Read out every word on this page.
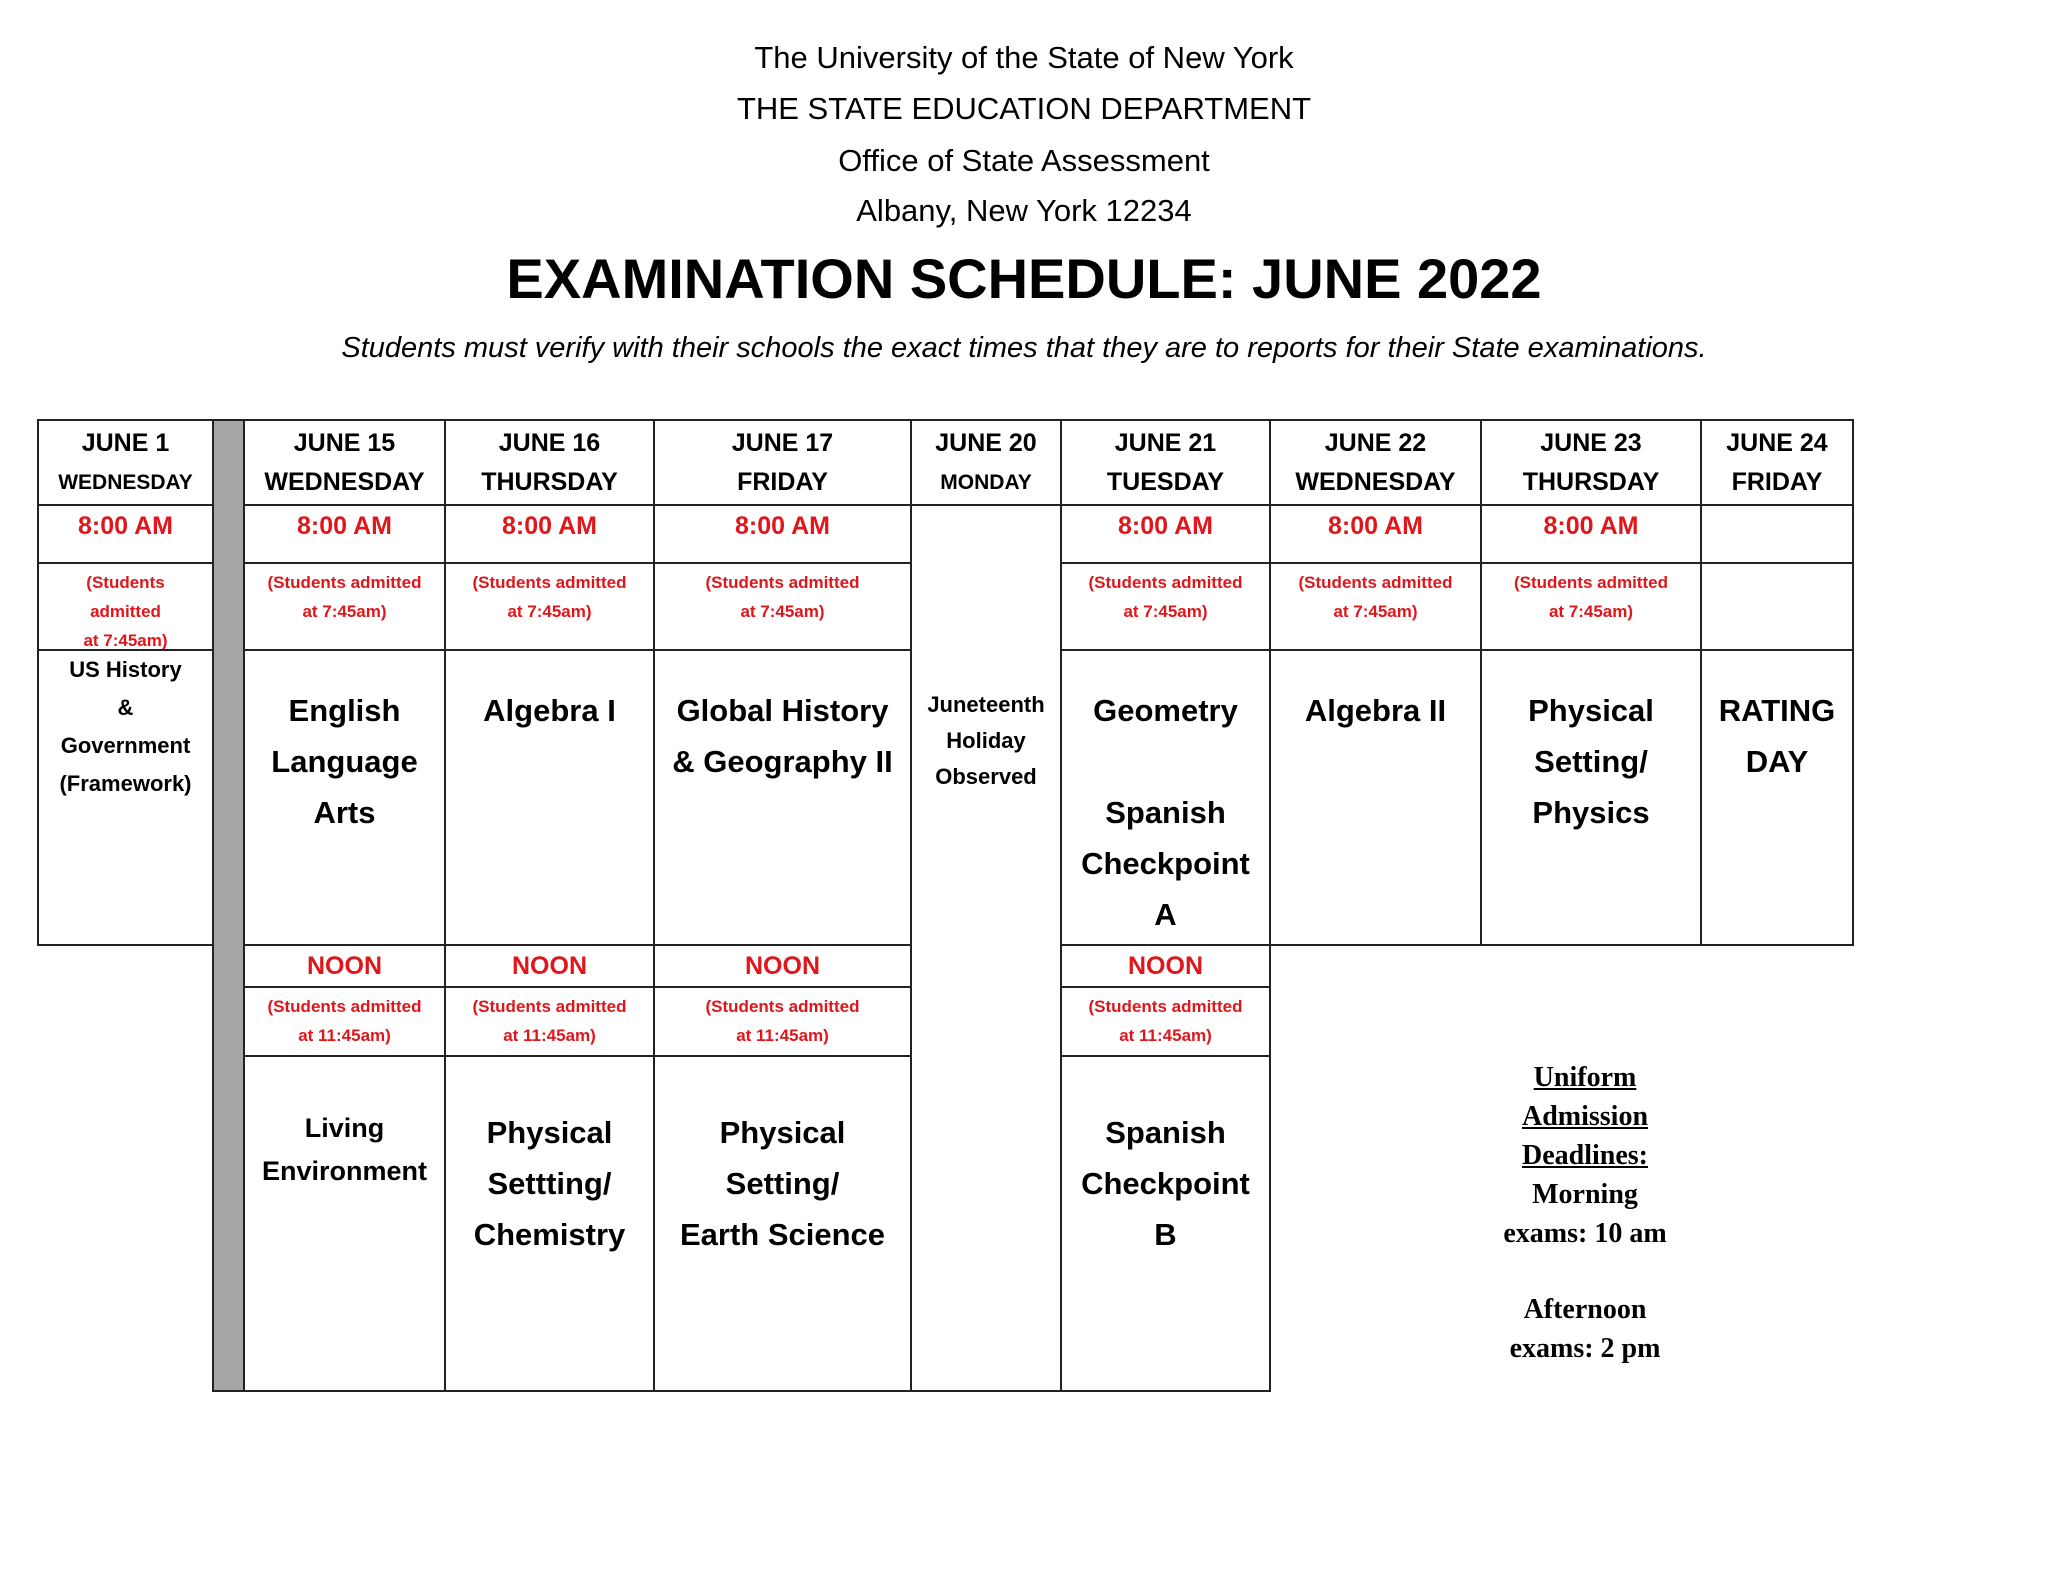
The University of the State of New York
THE STATE EDUCATION DEPARTMENT
Office of State Assessment
Albany, New York 12234
EXAMINATION SCHEDULE: JUNE 2022
Students must verify with their schools the exact times that they are to reports for their State examinations.
JUNE 1
WEDNESDAY
8:00 AM
(Students
admitted
at 7:45am)
US History
&
Government
(Framework)
JUNE 15
WEDNESDAY
8:00 AM
(Students admitted
at 7:45am)
English
Language
Arts
NOON
(Students admitted
at 11:45am)
Living
Environment
JUNE 16
THURSDAY
8:00 AM
(Students admitted
at 7:45am)
Algebra I
NOON
(Students admitted
at 11:45am)
Physical
Settting/
Chemistry
JUNE 17
FRIDAY
8:00 AM
(Students admitted
at 7:45am)
Global History
& Geography II
NOON
(Students admitted
at 11:45am)
Physical
Setting/
Earth Science
JUNE 20
MONDAY
Juneteenth
Holiday
Observed
JUNE 21
TUESDAY
8:00 AM
(Students admitted
at 7:45am)
Geometry

Spanish
Checkpoint
A
NOON
(Students admitted
at 11:45am)
Spanish
Checkpoint
B
JUNE 22
WEDNESDAY
8:00 AM
(Students admitted
at 7:45am)
Algebra II
JUNE 23
THURSDAY
8:00 AM
(Students admitted
at 7:45am)
Physical
Setting/
Physics
JUNE 24
FRIDAY
RATING
DAY
Uniform
Admission
Deadlines:
Morning
exams: 10 am
Afternoon
exams: 2 pm
